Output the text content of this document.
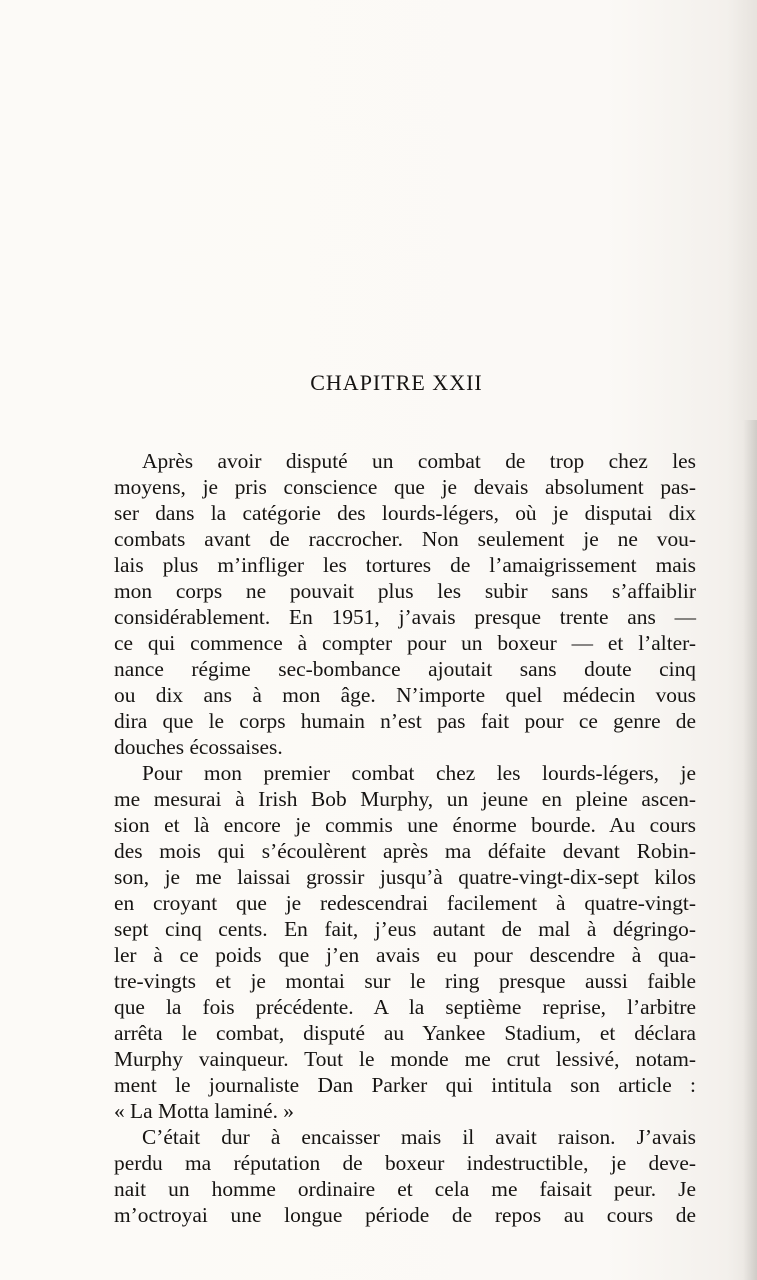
CHAPITRE XXII
Après avoir disputé un combat de trop chez les
moyens, je pris conscience que je devais absolument pas-
ser dans la catégorie des lourds-légers, où je disputai dix
combats avant de raccrocher. Non seulement je ne vou-
lais plus m’infliger les tortures de l’amaigrissement mais
mon corps ne pouvait plus les subir sans s’affaiblir
considérablement. En 1951, j’avais presque trente ans —
ce qui commence à compter pour un boxeur — et l’alter-
nance régime sec-bombance ajoutait sans doute cinq
ou dix ans à mon âge. N’importe quel médecin vous
dira que le corps humain n’est pas fait pour ce genre de
douches écossaises.
Pour mon premier combat chez les lourds-légers, je
me mesurai à Irish Bob Murphy, un jeune en pleine ascen-
sion et là encore je commis une énorme bourde. Au cours
des mois qui s’écoulèrent après ma défaite devant Robin-
son, je me laissai grossir jusqu’à quatre-vingt-dix-sept kilos
en croyant que je redescendrai facilement à quatre-vingt-
sept cinq cents. En fait, j’eus autant de mal à dégringo-
ler à ce poids que j’en avais eu pour descendre à qua-
tre-vingts et je montai sur le ring presque aussi faible
que la fois précédente. A la septième reprise, l’arbitre
arrêta le combat, disputé au Yankee Stadium, et déclara
Murphy vainqueur. Tout le monde me crut lessivé, notam-
ment le journaliste Dan Parker qui intitula son article :
« La Motta laminé. »
C’était dur à encaisser mais il avait raison. J’avais
perdu ma réputation de boxeur indestructible, je deve-
nait un homme ordinaire et cela me faisait peur. Je
m’octroyai une longue période de repos au cours de
